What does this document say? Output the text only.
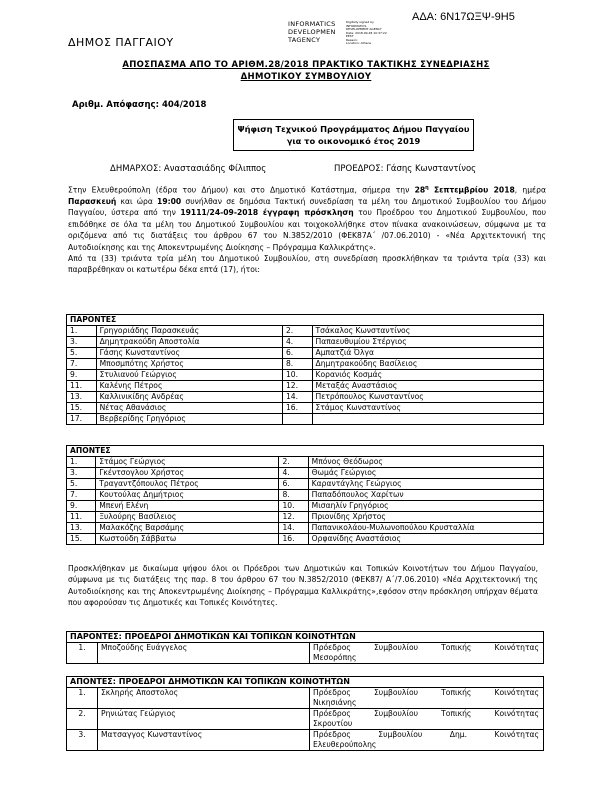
ΑΔΑ: 6Ν17ΩΞΨ-9Η5
ΔΗΜΟΣ ΠΑΓΓΑΙΟΥ
INFORMATICS
DEVELOPMEN
TAGENCY
Digitally signed by
INFORMATICS
DEVELOPMENT AGENCY
Date: 2018.09.28 10:37:22
EEST
Reason:
Location: Athens
ΑΠΟΣΠΑΣΜΑ ΑΠΟ ΤΟ ΑΡΙΘΜ.28/2018 ΠΡΑΚΤΙΚΟ ΤΑΚΤΙΚΗΣ ΣΥΝΕΔΡΙΑΣΗΣ
ΔΗΜΟΤΙΚΟΥ ΣΥΜΒΟΥΛΙΟΥ
Αριθμ. Απόφασης: 404/2018
Ψήφιση Τεχνικού Προγράμματος Δήμου Παγγαίου
για το οικονομικό έτος 2019
ΔΗΜΑΡΧΟΣ: Αναστασιάδης Φίλιππος	ΠΡΟΕΔΡΟΣ: Γάσης Κωνσταντίνος
Στην Ελευθερούπολη (έδρα του Δήμου) και στο Δημοτικό Κατάστημα, σήμερα την $28^\eta$ Σεπτεμβρίου 2018, ημέρα Παρασκευή και ώρα 19:00 συνήλθαν σε δημόσια Τακτική συνεδρίαση τα μέλη του Δημοτικού Συμβουλίου του Δήμου Παγγαίου, ύστερα από την 19111/24-09-2018 έγγραφη πρόσκληση του Προέδρου του Δημοτικού Συμβουλίου, που επιδόθηκε σε όλα τα μέλη του Δημοτικού Συμβουλίου και τοιχοκολλήθηκε στον πίνακα ανακοινώσεων, σύμφωνα με τα οριζόμενα από τις διατάξεις του άρθρου 67 του Ν.3852/2010 (ΦΕΚ87Α΄ /07.06.2010) - «Νέα Αρχιτεκτονική της Αυτοδιοίκησης και της Αποκεντρωμένης Διοίκησης – Πρόγραμμα Καλλικράτης».
Από τα (33) τριάντα τρία μέλη του Δημοτικού Συμβουλίου, στη συνεδρίαση προσκλήθηκαν τα τριάντα τρία (33) και παραβρέθηκαν οι κατωτέρω δέκα επτά (17), ήτοι:
ΠΑΡΟΝΤΕΣ			
1.	Γρηγοριάδης Παρασκευάς	2.	Τσάκαλος Κωνσταντίνος
3.	Δημητρακούδη Αποστολία	4.	Παπαευθυμίου Στέργιος
5.	Γάσης Κωνσταντίνος	6.	Αμπατζιά Όλγα
7.	Μποσμπότης Χρήστος	8.	Δημητρακούδης Βασίλειος
9.	Στυλιανού Γεώργιος	10.	Κορανιός Κοσμάς
11.	Καλένης Πέτρος	12.	Μεταξάς Αναστάσιος
13.	Καλλινικίδης Ανδρέας	14.	Πετρόπουλος Κωνσταντίνος
15.	Νέτας Αθανάσιος	16.	Στάμος Κωνσταντίνος
17.	Βερβερίδης Γρηγόριος		
ΑΠΟΝΤΕΣ			
1.	Στάμος Γεώργιος	2.	Μπόνος Θεόδωρος
3.	Γκέντσογλου Χρήστος	4.	Θωμάς Γεώργιος
5.	Τραγαντζόπουλος Πέτρος	6.	Καραντάγλης Γεώργιος
7.	Κουτούλας Δημήτριος	8.	Παπαδόπουλος Χαρίτων
9.	Μπενή Ελένη	10.	Μισαηλίν Γρηγόριος
11.	Ξυλούρης Βασίλειος	12.	Πριονίδης Χρήστος
13.	Μαλακόζης Βαρσάμης	14.	Παπανικολάου-Μυλωνοπούλου Κρυσταλλία
15.	Κωστούδη Σάββατω	16.	Ορφανίδης Αναστάσιος
Προσκλήθηκαν με δικαίωμα ψήφου όλοι οι Πρόεδροι των Δημοτικών και Τοπικών Κοινοτήτων του Δήμου Παγγαίου, σύμφωνα με τις διατάξεις της παρ. 8 του άρθρου 67 του Ν.3852/2010 (ΦΕΚ87/ Α΄/7.06.2010) «Νέα Αρχιτεκτονική της Αυτοδιοίκησης και της Αποκεντρωμένης Διοίκησης – Πρόγραμμα Καλλικράτης»,εφόσον στην πρόσκληση υπήρχαν θέματα που αφορούσαν τις Δημοτικές και Τοπικές Κοινότητες.
ΠΑΡΟΝΤΕΣ: ΠΡΟΕΔΡΟΙ ΔΗΜΟΤΙΚΩΝ ΚΑΙ ΤΟΠΙΚΩΝ ΚΟΙΝΟΤΗΤΩΝ
1.	Μποζούδης Ευάγγελος	Πρόεδρος Συμβουλίου Τοπικής Κοινότητας
Μεσορόπης
ΑΠΟΝΤΕΣ: ΠΡΟΕΔΡΟΙ ΔΗΜΟΤΙΚΩΝ ΚΑΙ ΤΟΠΙΚΩΝ ΚΟΙΝΟΤΗΤΩΝ		
1.	Σκληρής Αποστολος	Πρόεδρος Συμβουλίου Τοπικής Κοινότητας
Νικησιάνης

2.	Ρηνιώτας Γεώργιος	Πρόεδρος Συμβουλίου Τοπικής Κοινότητας
Σκρουτίου

3.	Ματσαγγος Κωνσταντίνος	Πρόεδρος Συμβουλίου Δημ. Κοινότητας
Ελευθερούπολης
